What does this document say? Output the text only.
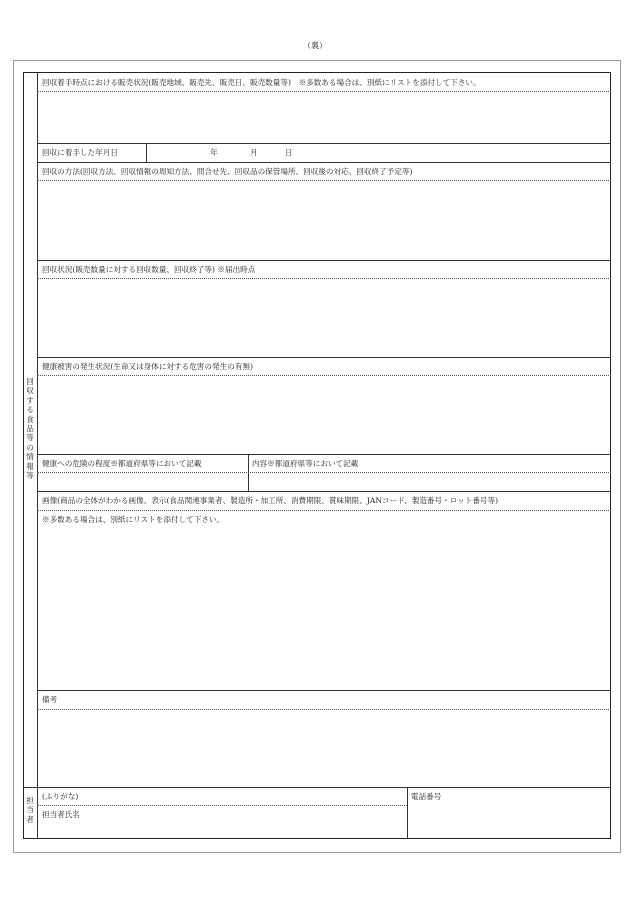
（裏）
回収する食品等の情報等
担当者
回収着手時点における販売状況(販売地域、販売先、販売日、販売数量等)　※多数ある場合は、別紙にリストを添付して下さい。
回収に着手した年月日	年	月	日
回収の方法(回収方法、回収情報の周知方法、問合せ先、回収品の保管場所、回収後の対応、回収終了予定等)
回収状況(販売数量に対する回収数量、回収終了等) ※届出時点
健康被害の発生状況(生命又は身体に対する危害の発生の有無)
健康への危険の程度※都道府県等において記載	内容※都道府県等において記載
画像(商品の全体がわかる画像、表示(食品関連事業者、製造所・加工所、消費期限、賞味期限、JANコード、製造番号・ロット番号等)
※多数ある場合は、別紙にリストを添付して下さい。
備考
(ふりがな)	電話番号
担当者氏名
